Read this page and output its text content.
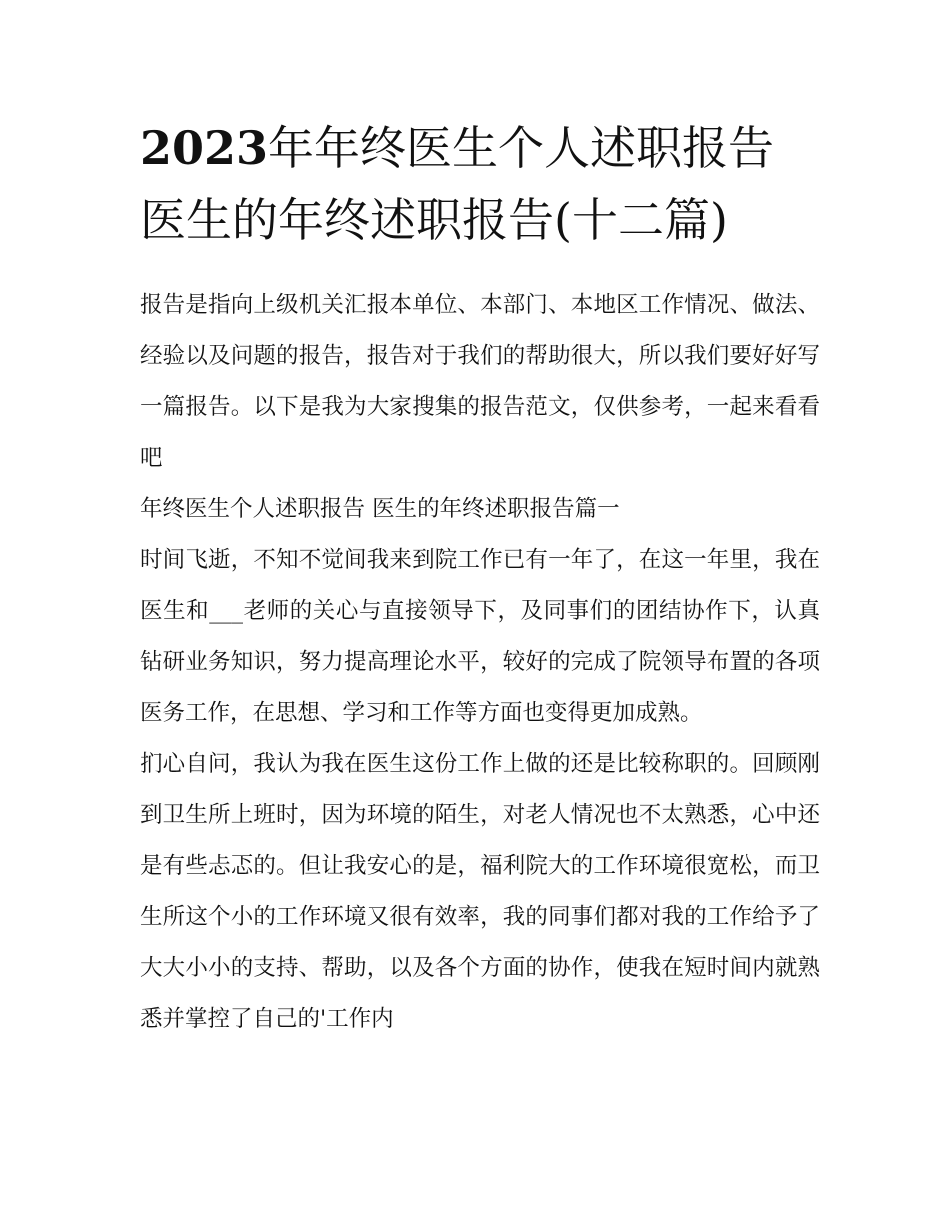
2023年年终医生个人述职报告医生的年终述职报告(十二篇)

报告是指向上级机关汇报本单位、本部门、本地区工作情况、做法、经验以及问题的报告，报告对于我们的帮助很大，所以我们要好好写一篇报告。以下是我为大家搜集的报告范文，仅供参考，一起来看看吧

年终医生个人述职报告 医生的年终述职报告篇一

时间飞逝，不知不觉间我来到院工作已有一年了，在这一年里，我在医生和___老师的关心与直接领导下，及同事们的团结协作下，认真钻研业务知识，努力提高理论水平，较好的完成了院领导布置的各项医务工作，在思想、学习和工作等方面也变得更加成熟。

扪心自问，我认为我在医生这份工作上做的还是比较称职的。回顾刚到卫生所上班时，因为环境的陌生，对老人情况也不太熟悉，心中还是有些忐忑的。但让我安心的是，福利院大的工作环境很宽松，而卫生所这个小的工作环境又很有效率，我的同事们都对我的工作给予了大大小小的支持、帮助，以及各个方面的协作，使我在短时间内就熟悉并掌控了自己的'工作内
